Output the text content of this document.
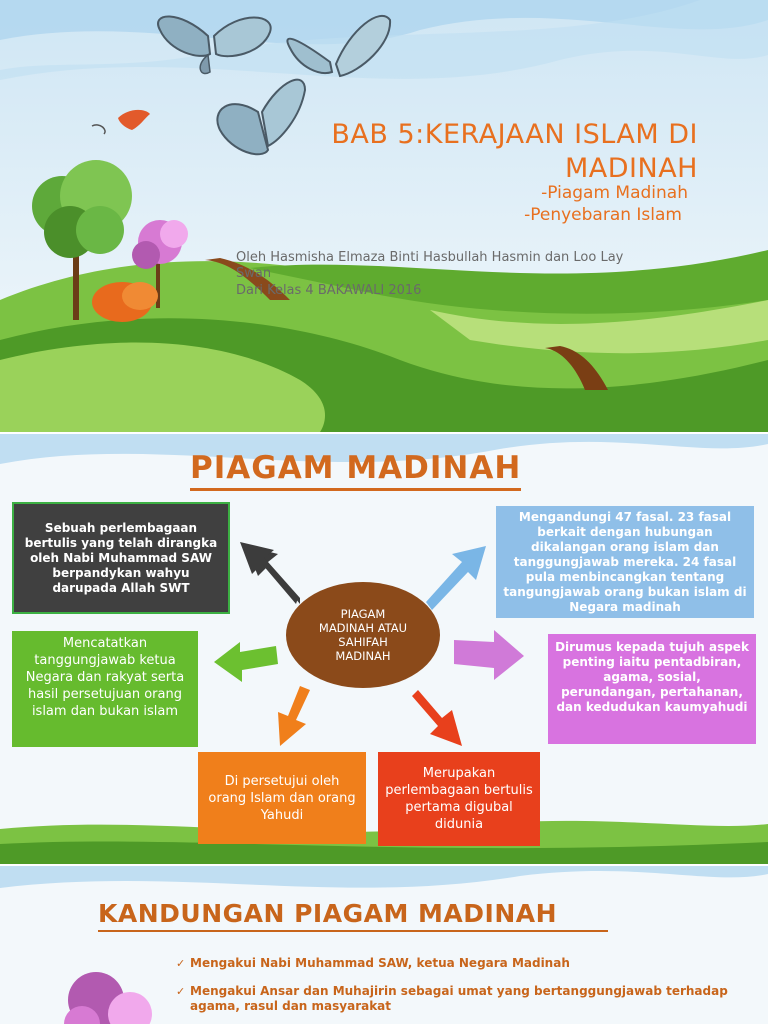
BAB 5:KERAJAAN ISLAM DI MADINAH
-Piagam Madinah
-Penyebaran Islam
Oleh Hasmisha Elmaza Binti Hasbullah Hasmin dan Loo Lay Swan
Dari Kelas 4 BAKAWALI 2016
PIAGAM MADINAH
Sebuah perlembagaan bertulis yang telah dirangka oleh Nabi Muhammad SAW berpandykan wahyu darupada Allah SWT
Mengandungi 47 fasal. 23 fasal berkait dengan hubungan dikalangan orang islam dan tanggungjawab mereka. 24 fasal pula menbincangkan tentang tangungjawab orang bukan islam di Negara madinah
Mencatatkan tanggungjawab ketua Negara dan rakyat serta hasil persetujuan orang islam dan bukan islam
Dirumus kepada tujuh aspek penting iaitu pentadbiran, agama, sosial, perundangan, pertahanan, dan kedudukan kaumyahudi
Di persetujui oleh orang Islam dan orang Yahudi
Merupakan perlembagaan bertulis pertama digubal didunia
PIAGAM MADINAH ATAU SAHIFAH MADINAH
KANDUNGAN PIAGAM MADINAH
✓ Mengakui Nabi Muhammad SAW, ketua Negara Madinah
✓ Mengakui Ansar dan Muhajirin sebagai umat yang bertanggungjawab terhadap agama, rasul dan masyarakat
